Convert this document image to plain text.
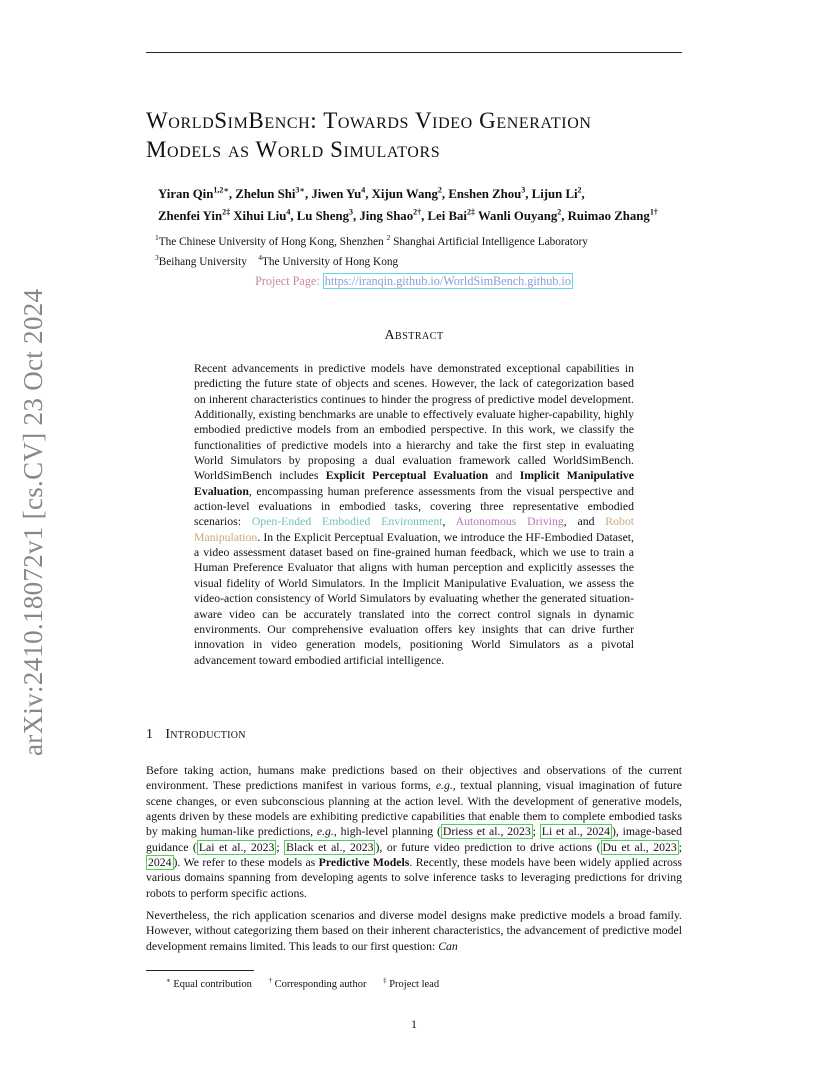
arXiv:2410.18072v1 [cs.CV] 23 Oct 2024
WorldSimBench: Towards Video Generation
Models as World Simulators
Yiran Qin$^{1,2∗}$, Zhelun Shi$^{3∗}$, Jiwen Yu$^4$, Xijun Wang$^2$, Enshen Zhou$^3$, Lijun Li$^2$,
Zhenfei Yin$^{2\ddagger}$ Xihui Liu$^4$, Lu Sheng$^3$, Jing Shao$^{2\dagger}$, Lei Bai$^{2\ddagger}$ Wanli Ouyang$^2$, Ruimao Zhang$^{1\dagger}$
$^1$The Chinese University of Hong Kong, Shenzhen $^2$ Shanghai Artificial Intelligence Laboratory
$^3$Beihang University    $^4$The University of Hong Kong
Project Page: https://iranqin.github.io/WorldSimBench.github.io
Abstract
Recent advancements in predictive models have demonstrated exceptional capabilities in predicting the future state of objects and scenes. However, the lack of categorization based on inherent characteristics continues to hinder the progress of predictive model development. Additionally, existing benchmarks are unable to effectively evaluate higher-capability, highly embodied predictive models from an embodied perspective. In this work, we classify the functionalities of predictive models into a hierarchy and take the first step in evaluating World Simulators by proposing a dual evaluation framework called WorldSimBench. WorldSimBench includes Explicit Perceptual Evaluation and Implicit Manipulative Evaluation, encompassing human preference assessments from the visual perspective and action-level evaluations in embodied tasks, covering three representative embodied scenarios: Open-Ended Embodied Environment, Autonomous Driving, and Robot Manipulation. In the Explicit Perceptual Evaluation, we introduce the HF-Embodied Dataset, a video assessment dataset based on fine-grained human feedback, which we use to train a Human Preference Evaluator that aligns with human perception and explicitly assesses the visual fidelity of World Simulators. In the Implicit Manipulative Evaluation, we assess the video-action consistency of World Simulators by evaluating whether the generated situation-aware video can be accurately translated into the correct control signals in dynamic environments. Our comprehensive evaluation offers key insights that can drive further innovation in video generation models, positioning World Simulators as a pivotal advancement toward embodied artificial intelligence.
1 Introduction

Before taking action, humans make predictions based on their objectives and observations of the current environment. These predictions manifest in various forms, e.g., textual planning, visual imagination of future scene changes, or even subconscious planning at the action level. With the development of generative models, agents driven by these models are exhibiting predictive capabilities that enable them to complete embodied tasks by making human-like predictions, e.g., high-level planning ( Driess et al., 2023 ; Li et al., 2024 ), image-based guidance ( Lai et al., 2023 ; Black et al., 2023 ), or future video prediction to drive actions ( Du et al., 2023 ; 2024 ). We refer to these models as Predictive Models. Recently, these models have been widely applied across various domains spanning from developing agents to solve inference tasks to leveraging predictions for driving robots to perform specific actions.

Nevertheless, the rich application scenarios and diverse model designs make predictive models a broad family. However, without categorizing them based on their inherent characteristics, the advancement of predictive model development remains limited. This leads to our first question: Can

∗ Equal contribution † Corresponding author ‡ Project lead
1
